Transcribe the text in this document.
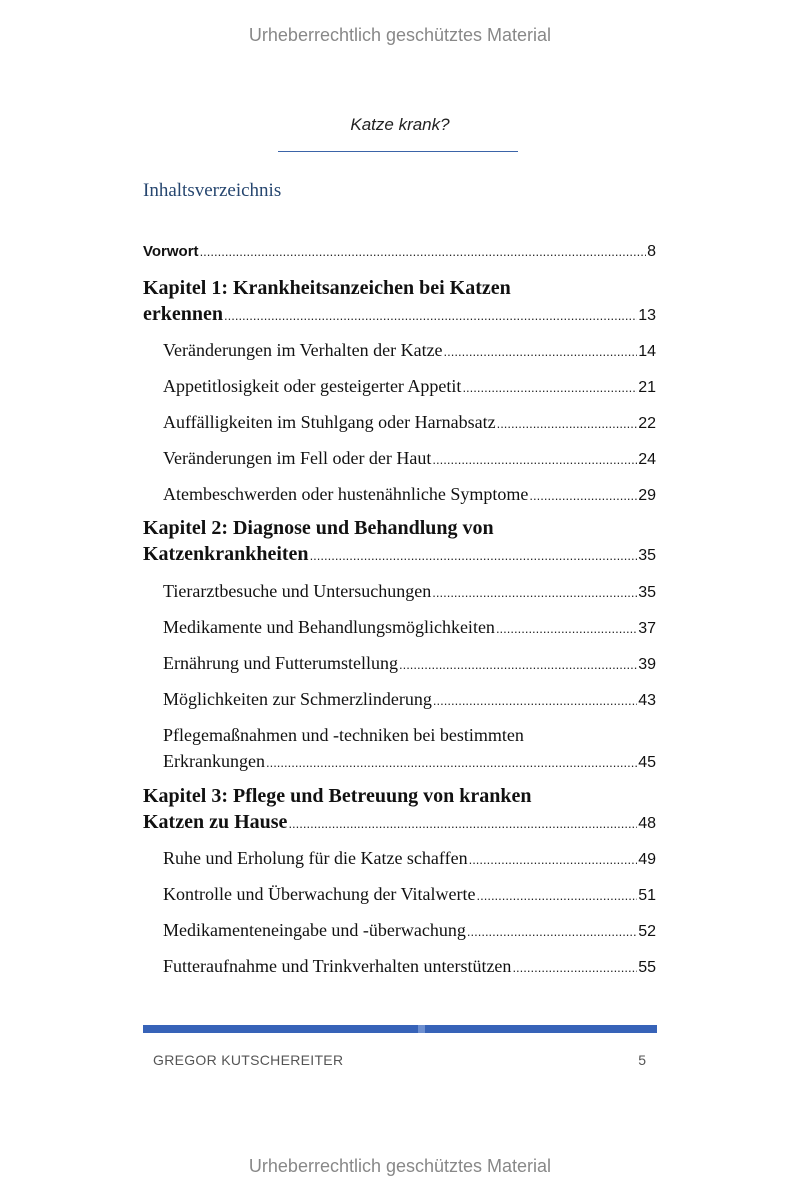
Urheberrechtlich geschütztes Material
Katze krank?
Inhaltsverzeichnis
Vorwort .....	8
Kapitel 1: Krankheitsanzeichen bei Katzen
erkennen .....	13
Veränderungen im Verhalten der Katze .....	14
Appetitlosigkeit oder gesteigerter Appetit .....	21
Auffälligkeiten im Stuhlgang oder Harnabsatz .....	22
Veränderungen im Fell oder der Haut .....	24
Atembeschwerden oder hustenähnliche Symptome .....	29
Kapitel 2: Diagnose und Behandlung von
Katzenkrankheiten .....	35
Tierarztbesuche und Untersuchungen .....	35
Medikamente und Behandlungsmöglichkeiten .....	37
Ernährung und Futterumstellung .....	39
Möglichkeiten zur Schmerzlinderung .....	43
Pflegemaßnahmen und -techniken bei bestimmten
Erkrankungen .....	45
Kapitel 3: Pflege und Betreuung von kranken
Katzen zu Hause .....	48
Ruhe und Erholung für die Katze schaffen .....	49
Kontrolle und Überwachung der Vitalwerte .....	51
Medikamenteneingabe und -überwachung .....	52
Futteraufnahme und Trinkverhalten unterstützen .....	55
GREGOR KUTSCHEREITER	5
Urheberrechtlich geschütztes Material
